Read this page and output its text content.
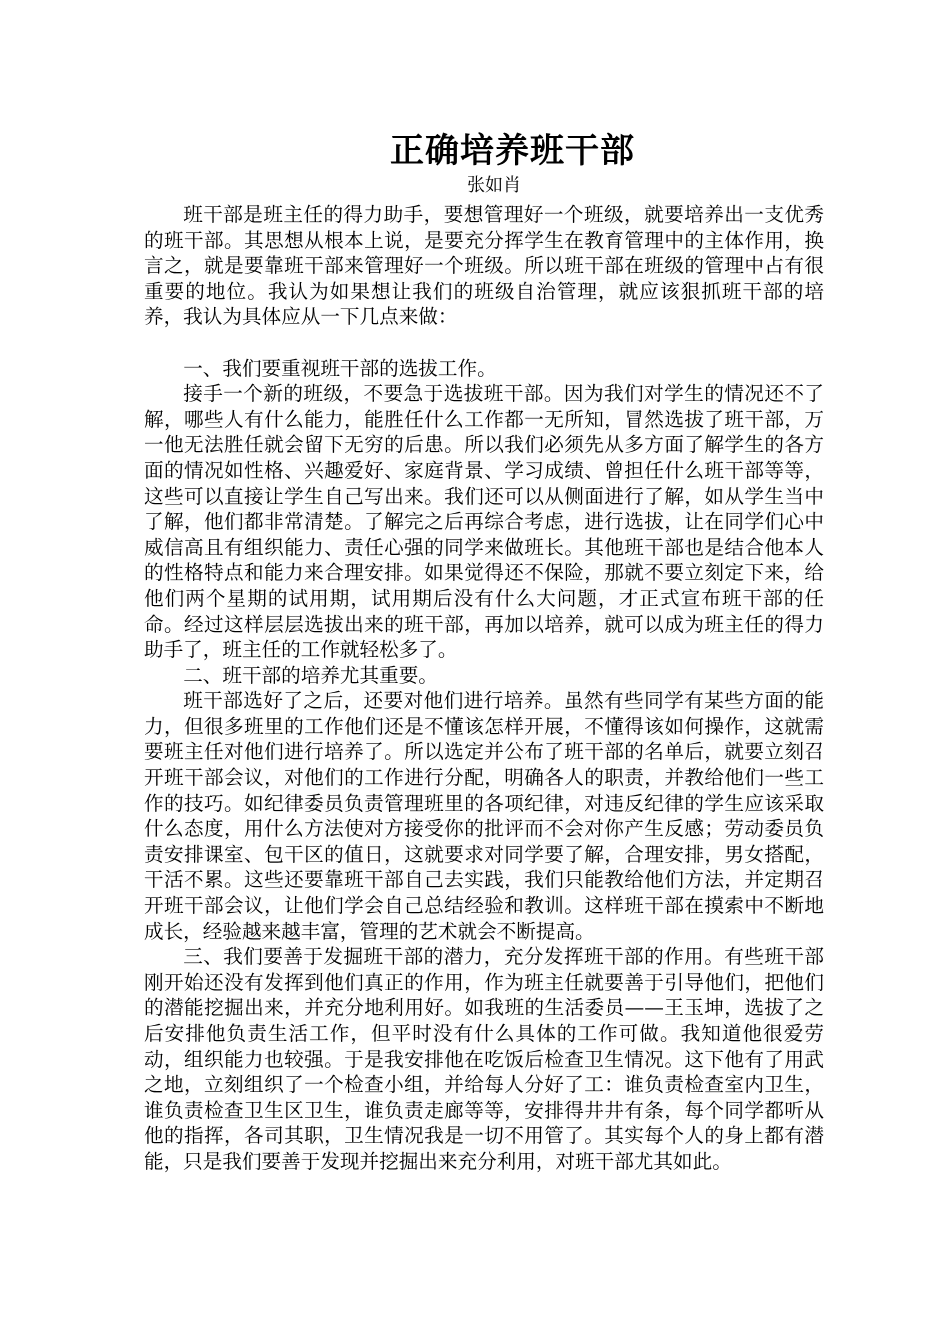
正确培养班干部
张如肖

班干部是班主任的得力助手，要想管理好一个班级，就要培养出一支优秀的班干部。其思想从根本上说，是要充分挥学生在教育管理中的主体作用，换言之，就是要靠班干部来管理好一个班级。所以班干部在班级的管理中占有很重要的地位。我认为如果想让我们的班级自治管理，就应该狠抓班干部的培养，我认为具体应从一下几点来做：

一、我们要重视班干部的选拔工作。

接手一个新的班级，不要急于选拔班干部。因为我们对学生的情况还不了解，哪些人有什么能力，能胜任什么工作都一无所知，冒然选拔了班干部，万一他无法胜任就会留下无穷的后患。所以我们必须先从多方面了解学生的各方面的情况如性格、兴趣爱好、家庭背景、学习成绩、曾担任什么班干部等等，这些可以直接让学生自己写出来。我们还可以从侧面进行了解，如从学生当中了解，他们都非常清楚。了解完之后再综合考虑，进行选拔，让在同学们心中威信高且有组织能力、责任心强的同学来做班长。其他班干部也是结合他本人的性格特点和能力来合理安排。如果觉得还不保险，那就不要立刻定下来，给他们两个星期的试用期，试用期后没有什么大问题，才正式宣布班干部的任命。经过这样层层选拔出来的班干部，再加以培养，就可以成为班主任的得力助手了，班主任的工作就轻松多了。

二、班干部的培养尤其重要。

班干部选好了之后，还要对他们进行培养。虽然有些同学有某些方面的能力，但很多班里的工作他们还是不懂该怎样开展，不懂得该如何操作，这就需要班主任对他们进行培养了。所以选定并公布了班干部的名单后，就要立刻召开班干部会议，对他们的工作进行分配，明确各人的职责，并教给他们一些工作的技巧。如纪律委员负责管理班里的各项纪律，对违反纪律的学生应该采取什么态度，用什么方法使对方接受你的批评而不会对你产生反感；劳动委员负责安排课室、包干区的值日，这就要求对同学要了解，合理安排，男女搭配，干活不累。这些还要靠班干部自己去实践，我们只能教给他们方法，并定期召开班干部会议，让他们学会自己总结经验和教训。这样班干部在摸索中不断地成长，经验越来越丰富，管理的艺术就会不断提高。

三、我们要善于发掘班干部的潜力，充分发挥班干部的作用。有些班干部刚开始还没有发挥到他们真正的作用，作为班主任就要善于引导他们，把他们的潜能挖掘出来，并充分地利用好。如我班的生活委员——王玉坤，选拔了之后安排他负责生活工作，但平时没有什么具体的工作可做。我知道他很爱劳动，组织能力也较强。于是我安排他在吃饭后检查卫生情况。这下他有了用武之地，立刻组织了一个检查小组，并给每人分好了工：谁负责检查室内卫生，谁负责检查卫生区卫生，谁负责走廊等等，安排得井井有条，每个同学都听从他的指挥，各司其职，卫生情况我是一切不用管了。其实每个人的身上都有潜能，只是我们要善于发现并挖掘出来充分利用，对班干部尤其如此。
